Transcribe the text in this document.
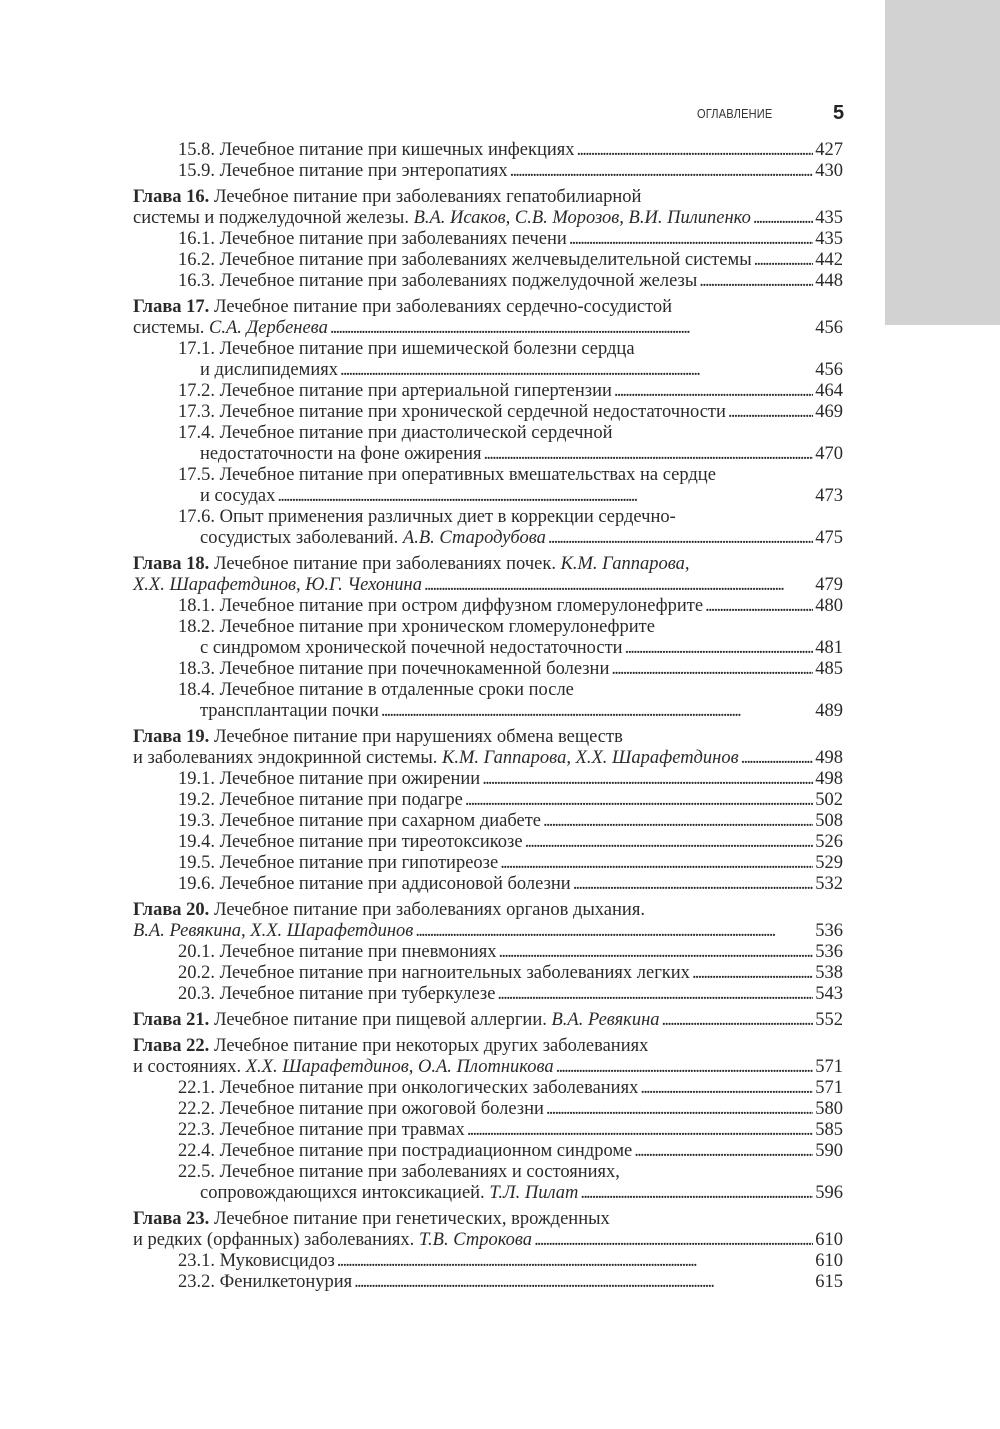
ОГЛАВЛЕНИЕ	5
15.8. Лечебное питание при кишечных инфекциях . . .	427
15.9. Лечебное питание при энтеропатиях . . .	430
Глава 16. Лечебное питание при заболеваниях гепатобилиарной
системы и поджелудочной железы. В.А. Исаков, С.В. Морозов, В.И. Пилипенко . . .	435
16.1. Лечебное питание при заболеваниях печени . . .	435
16.2. Лечебное питание при заболеваниях желчевыделительной системы . . .	442
16.3. Лечебное питание при заболеваниях поджелудочной железы . . .	448
Глава 17. Лечебное питание при заболеваниях сердечно-сосудистой
системы. С.А. Дербенева . . .	456
17.1. Лечебное питание при ишемической болезни сердца
и дислипидемиях . . .	456
17.2. Лечебное питание при артериальной гипертензии . . .	464
17.3. Лечебное питание при хронической сердечной недостаточности . . .	469
17.4. Лечебное питание при диастолической сердечной
недостаточности на фоне ожирения . . .	470
17.5. Лечебное питание при оперативных вмешательствах на сердце
и сосудах . . .	473
17.6. Опыт применения различных диет в коррекции сердечно-
сосудистых заболеваний. А.В. Стародубова . . .	475
Глава 18. Лечебное питание при заболеваниях почек. К.М. Гаппарова,
Х.Х. Шарафетдинов, Ю.Г. Чехонина . . .	479
18.1. Лечебное питание при остром диффузном гломерулонефрите . . .	480
18.2. Лечебное питание при хроническом гломерулонефрите
с синдромом хронической почечной недостаточности . . .	481
18.3. Лечебное питание при почечнокаменной болезни . . .	485
18.4. Лечебное питание в отдаленные сроки после
трансплантации почки . . .	489
Глава 19. Лечебное питание при нарушениях обмена веществ
и заболеваниях эндокринной системы. К.М. Гаппарова, Х.Х. Шарафетдинов . . .	498
19.1. Лечебное питание при ожирении . . .	498
19.2. Лечебное питание при подагре . . .	502
19.3. Лечебное питание при сахарном диабете . . .	508
19.4. Лечебное питание при тиреотоксикозе . . .	526
19.5. Лечебное питание при гипотиреозе . . .	529
19.6. Лечебное питание при аддисоновой болезни . . .	532
Глава 20. Лечебное питание при заболеваниях органов дыхания.
В.А. Ревякина, Х.Х. Шарафетдинов . . .	536
20.1. Лечебное питание при пневмониях . . .	536
20.2. Лечебное питание при нагноительных заболеваниях легких . . .	538
20.3. Лечебное питание при туберкулезе . . .	543
Глава 21. Лечебное питание при пищевой аллергии. В.А. Ревякина . . .	552
Глава 22. Лечебное питание при некоторых других заболеваниях
и состояниях. Х.Х. Шарафетдинов, О.А. Плотникова . . .	571
22.1. Лечебное питание при онкологических заболеваниях . . .	571
22.2. Лечебное питание при ожоговой болезни . . .	580
22.3. Лечебное питание при травмах . . .	585
22.4. Лечебное питание при пострадиационном синдроме . . .	590
22.5. Лечебное питание при заболеваниях и состояниях,
сопровождающихся интоксикацией. Т.Л. Пилат . . .	596
Глава 23. Лечебное питание при генетических, врожденных
и редких (орфанных) заболеваниях. Т.В. Строкова . . .	610
23.1. Муковисцидоз . . .	610
23.2. Фенилкетонурия . . .	615
